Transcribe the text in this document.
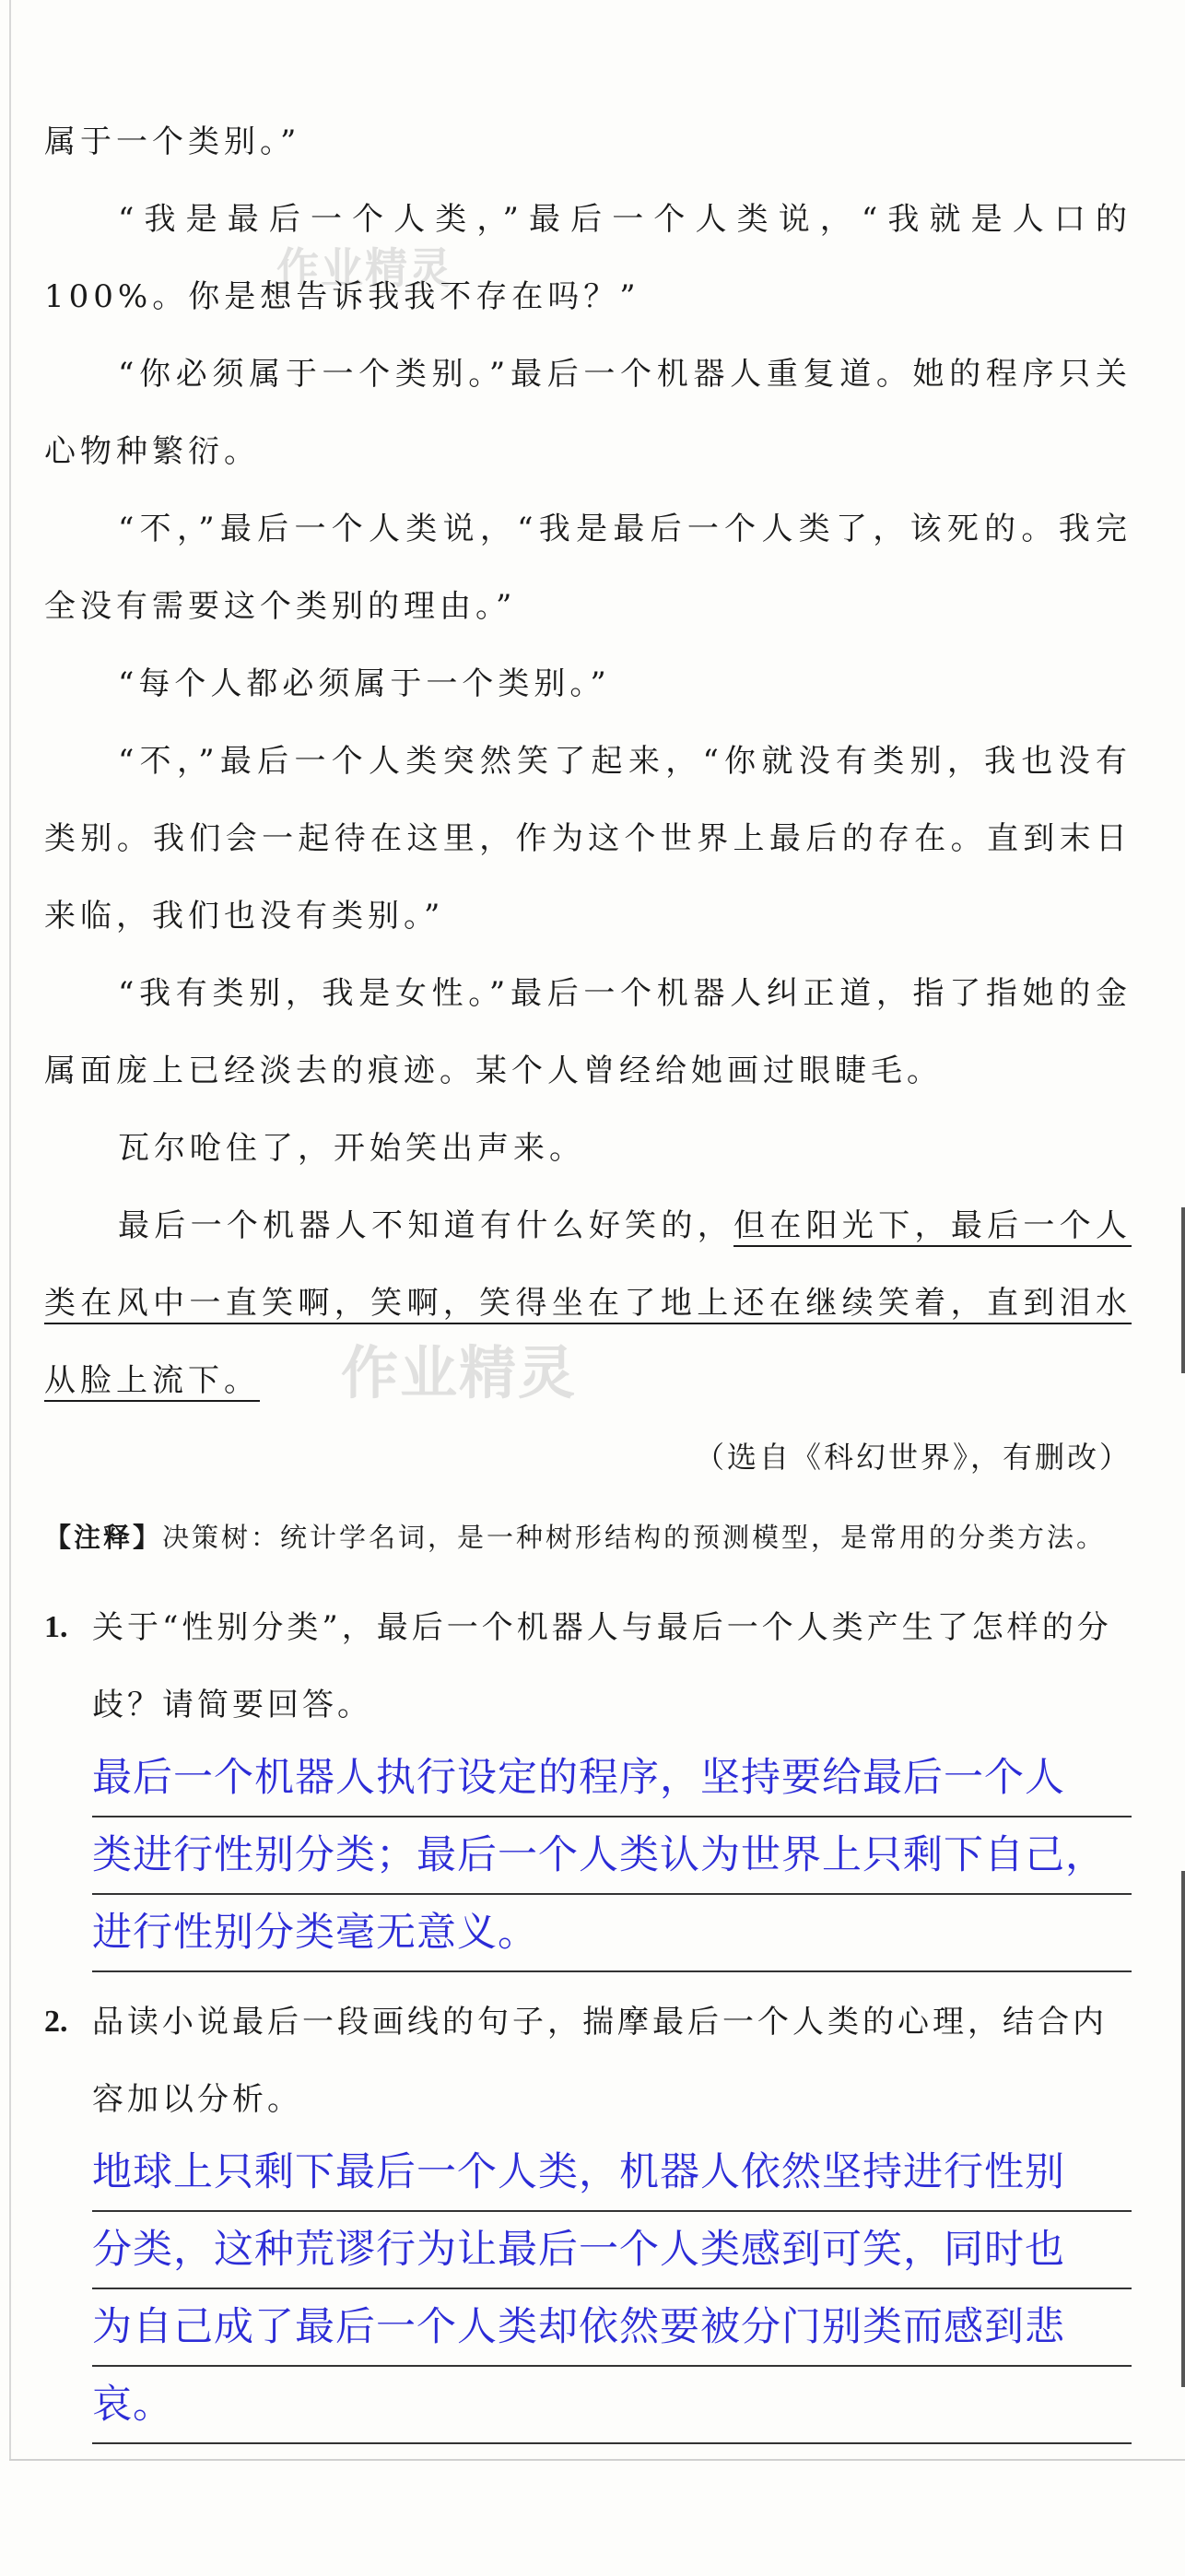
作业精灵
作业精灵

属于一个类别。”

“我是最后一个人类，”最后一个人类说，“我就是人口的100%。你是想告诉我我不存在吗？”

“你必须属于一个类别。”最后一个机器人重复道。她的程序只关心物种繁衍。

“不，”最后一个人类说，“我是最后一个人类了，该死的。我完全没有需要这个类别的理由。”

“每个人都必须属于一个类别。”

“不，”最后一个人类突然笑了起来，“你就没有类别，我也没有类别。我们会一起待在这里，作为这个世界上最后的存在。直到末日来临，我们也没有类别。”

“我有类别，我是女性。”最后一个机器人纠正道，指了指她的金属面庞上已经淡去的痕迹。某个人曾经给她画过眼睫毛。

瓦尔呛住了，开始笑出声来。

最后一个机器人不知道有什么好笑的，但在阳光下，最后一个人类在风中一直笑啊，笑啊，笑得坐在了地上还在继续笑着，直到泪水从脸上流下。

（选自《科幻世界》，有删改）
【注释】决策树：统计学名词，是一种树形结构的预测模型，是常用的分类方法。
1. 关于“性别分类”，最后一个机器人与最后一个人类产生了怎样的分歧？请简要回答。
最后一个机器人执行设定的程序，坚持要给最后一个人
类进行性别分类；最后一个人类认为世界上只剩下自己，
进行性别分类毫无意义。
2. 品读小说最后一段画线的句子，揣摩最后一个人类的心理，结合内容加以分析。
地球上只剩下最后一个人类，机器人依然坚持进行性别
分类，这种荒谬行为让最后一个人类感到可笑，同时也
为自己成了最后一个人类却依然要被分门别类而感到悲
哀。
